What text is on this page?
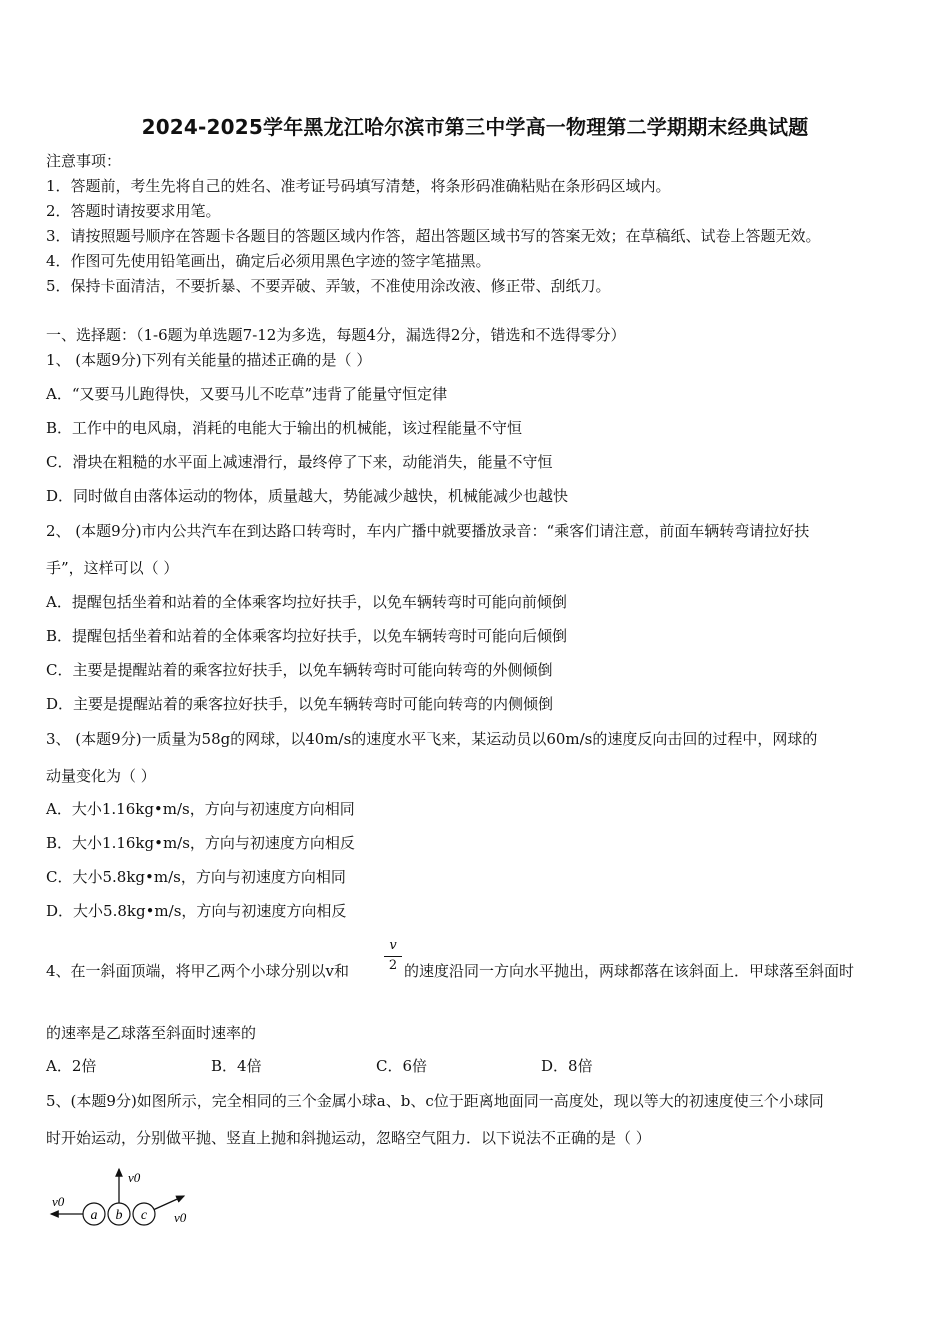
2024-2025学年黑龙江哈尔滨市第三中学高一物理第二学期期末经典试题
注意事项：
1．答题前，考生先将自己的姓名、准考证号码填写清楚，将条形码准确粘贴在条形码区域内。
2．答题时请按要求用笔。
3．请按照题号顺序在答题卡各题目的答题区域内作答，超出答题区域书写的答案无效；在草稿纸、试卷上答题无效。
4．作图可先使用铅笔画出，确定后必须用黑色字迹的签字笔描黑。
5．保持卡面清洁，不要折暴、不要弄破、弄皱，不准使用涂改液、修正带、刮纸刀。
一、选择题：（1-6题为单选题7-12为多选，每题4分，漏选得2分，错选和不选得零分）
1、 (本题9分)下列有关能量的描述正确的是（ ）
A．“又要马儿跑得快，又要马儿不吃草”违背了能量守恒定律
B．工作中的电风扇，消耗的电能大于输出的机械能，该过程能量不守恒
C．滑块在粗糙的水平面上减速滑行，最终停了下来，动能消失，能量不守恒
D．同时做自由落体运动的物体，质量越大，势能减少越快，机械能减少也越快
2、 (本题9分)市内公共汽车在到达路口转弯时，车内广播中就要播放录音：“乘客们请注意，前面车辆转弯请拉好扶
手”，这样可以（ ）
A．提醒包括坐着和站着的全体乘客均拉好扶手，以免车辆转弯时可能向前倾倒
B．提醒包括坐着和站着的全体乘客均拉好扶手，以免车辆转弯时可能向后倾倒
C．主要是提醒站着的乘客拉好扶手，以免车辆转弯时可能向转弯的外侧倾倒
D．主要是提醒站着的乘客拉好扶手，以免车辆转弯时可能向转弯的内侧倾倒
3、 (本题9分)一质量为58g的网球，以40m/s的速度水平飞来，某运动员以60m/s的速度反向击回的过程中，网球的
动量变化为（ ）
A．大小1.16kg•m/s，方向与初速度方向相同
B．大小1.16kg•m/s，方向与初速度方向相反
C．大小5.8kg•m/s，方向与初速度方向相同
D．大小5.8kg•m/s，方向与初速度方向相反
4、在一斜面顶端，将甲乙两个小球分别以v和
v
2 的速度沿同一方向水平抛出，两球都落在该斜面上．甲球落至斜面时
的速率是乙球落至斜面时速率的
A．2倍	B．4倍	C．6倍	D．8倍
5、(本题9分)如图所示，完全相同的三个金属小球a、b、c位于距离地面同一高度处，现以等大的初速度使三个小球同
时开始运动，分别做平抛、竖直上抛和斜抛运动，忽略空气阻力．以下说法不正确的是（ ）
a b c
v0
v0
v0
